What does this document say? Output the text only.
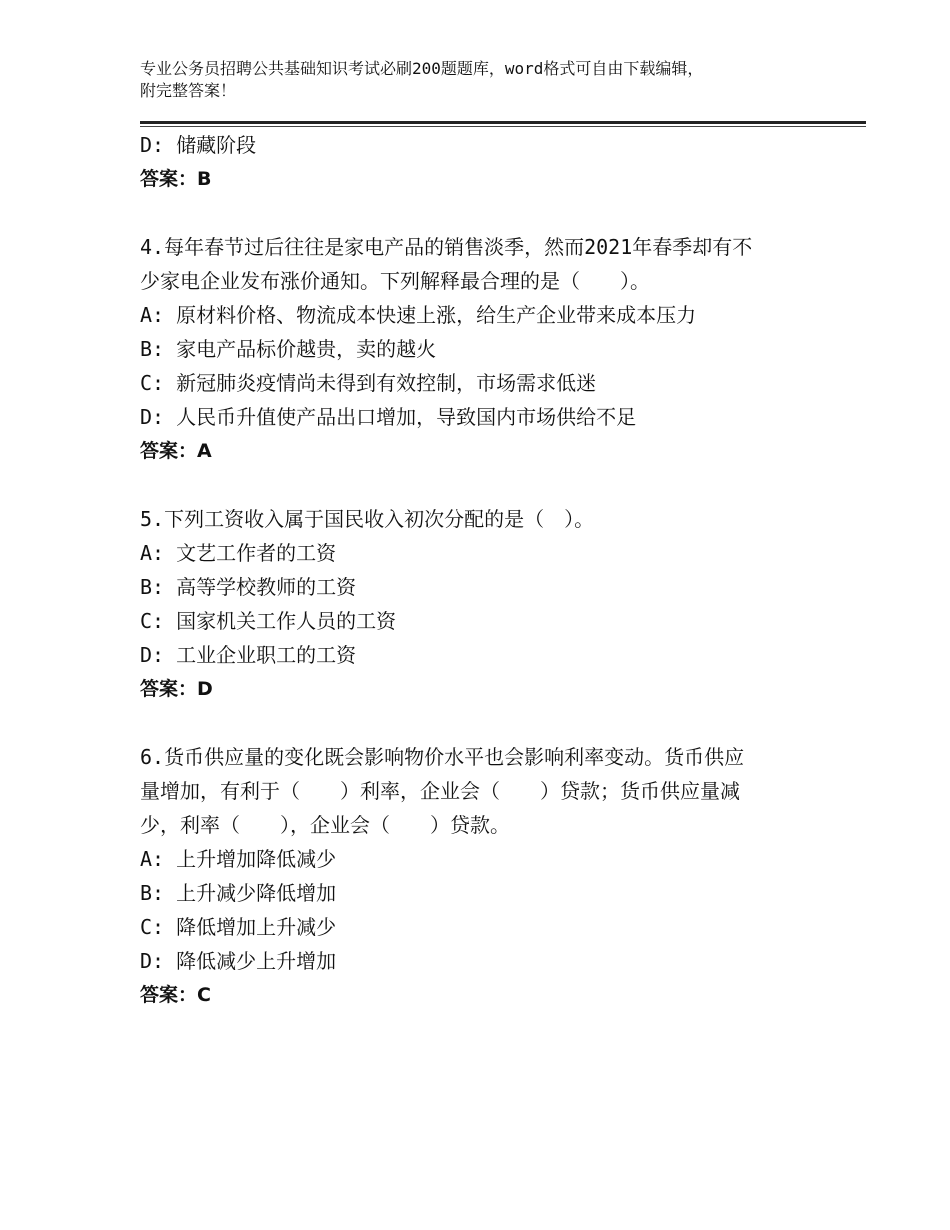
专业公务员招聘公共基础知识考试必刷200题题库，word格式可自由下载编辑，
附完整答案！
D: 储藏阶段
答案：B
4.每年春节过后往往是家电产品的销售淡季，然而2021年春季却有不
少家电企业发布涨价通知。下列解释最合理的是（　　）。
A: 原材料价格、物流成本快速上涨，给生产企业带来成本压力
B: 家电产品标价越贵，卖的越火
C: 新冠肺炎疫情尚未得到有效控制，市场需求低迷
D: 人民币升值使产品出口增加，导致国内市场供给不足
答案：A
5.下列工资收入属于国民收入初次分配的是（　）。
A: 文艺工作者的工资
B: 高等学校教师的工资
C: 国家机关工作人员的工资
D: 工业企业职工的工资
答案：D
6.货币供应量的变化既会影响物价水平也会影响利率变动。货币供应
量增加，有利于（　　）利率，企业会（　　）贷款；货币供应量减
少，利率（　　），企业会（　　）贷款。
A: 上升增加降低减少
B: 上升减少降低增加
C: 降低增加上升减少
D: 降低减少上升增加
答案：C
